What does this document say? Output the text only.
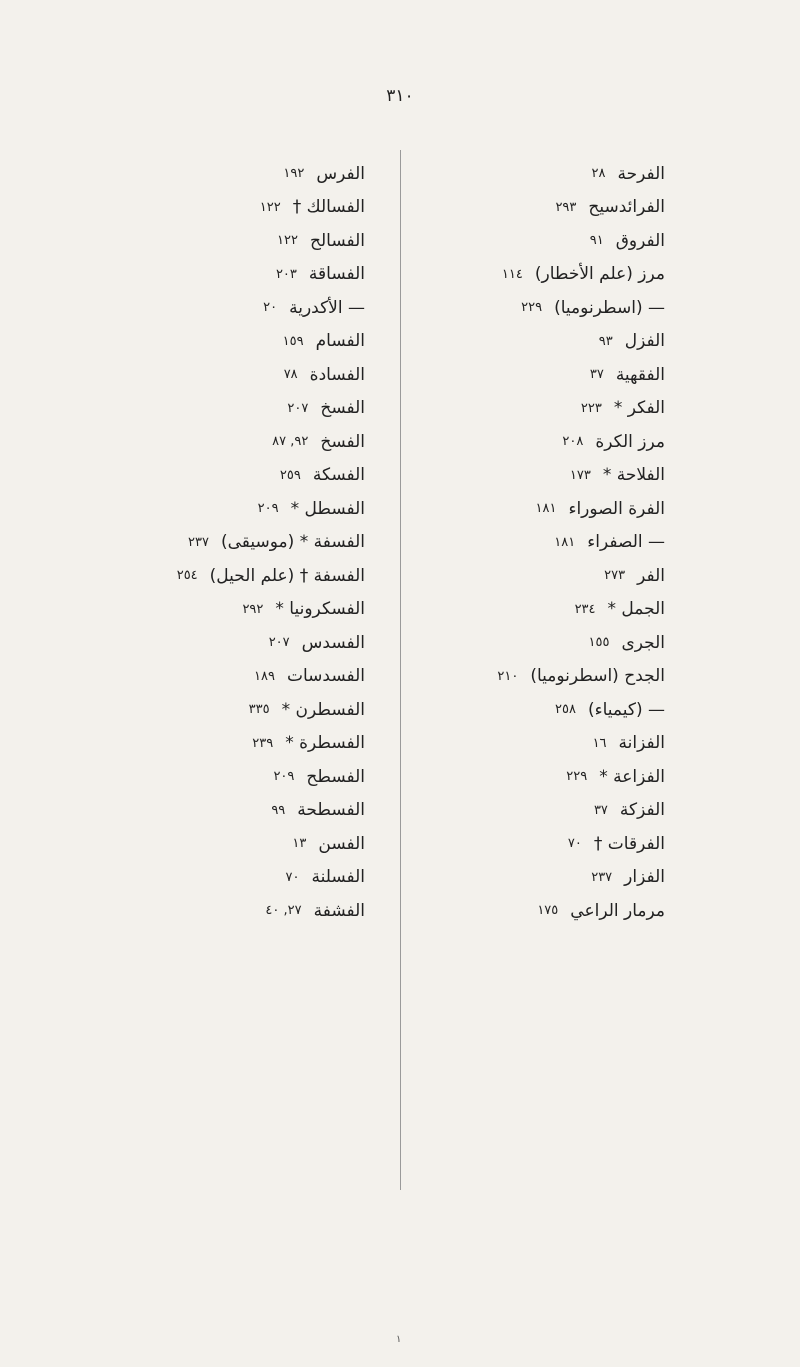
٣١٠
الفرحة
٢٨
الفرائدسيح
٢٩٣
الفروق
٩١
مرز (علم الأخطار)
١١٤
— (اسطرنوميا)
٢٢٩
الفزل
٩٣
الفقهية
٣٧
الفكر *
٢٢٣
مرز الكرة
٢٠٨
الفلاحة *
١٧٣
الفرة الصوراء
١٨١
— الصفراء
١٨١
الفر
٢٧٣
الجمل *
٢٣٤
الجرى
١٥٥
الجدح (اسطرنوميا)
٢١٠
— (كيمياء)
٢٥٨
الفزانة
١٦
الفزاعة *
٢٢٩
الفزكة
٣٧
الفرقات †
٧٠
الفزار
٢٣٧
مرمار الراعي
١٧٥
الفرس
١٩٢
الفسالك †
١٢٢
الفسالح
١٢٢
الفساقة
٢٠٣
— الأكدرية
٢٠
الفسام
١٥٩
الفسادة
٧٨
الفسخ
٢٠٧
الفسخ
٩٢, ٨٧
الفسكة
٢٥٩
الفسطل *
٢٠٩
الفسفة * (موسيقى)
٢٣٧
الفسفة † (علم الحيل)
٢٥٤
الفسكرونيا *
٢٩٢
الفسدس
٢٠٧
الفسدسات
١٨٩
الفسطرن *
٣٣٥
الفسطرة *
٢٣٩
الفسطح
٢٠٩
الفسطحة
٩٩
الفسن
١٣
الفسلنة
٧٠
الفشفة
٢٧, ٤٠
١
